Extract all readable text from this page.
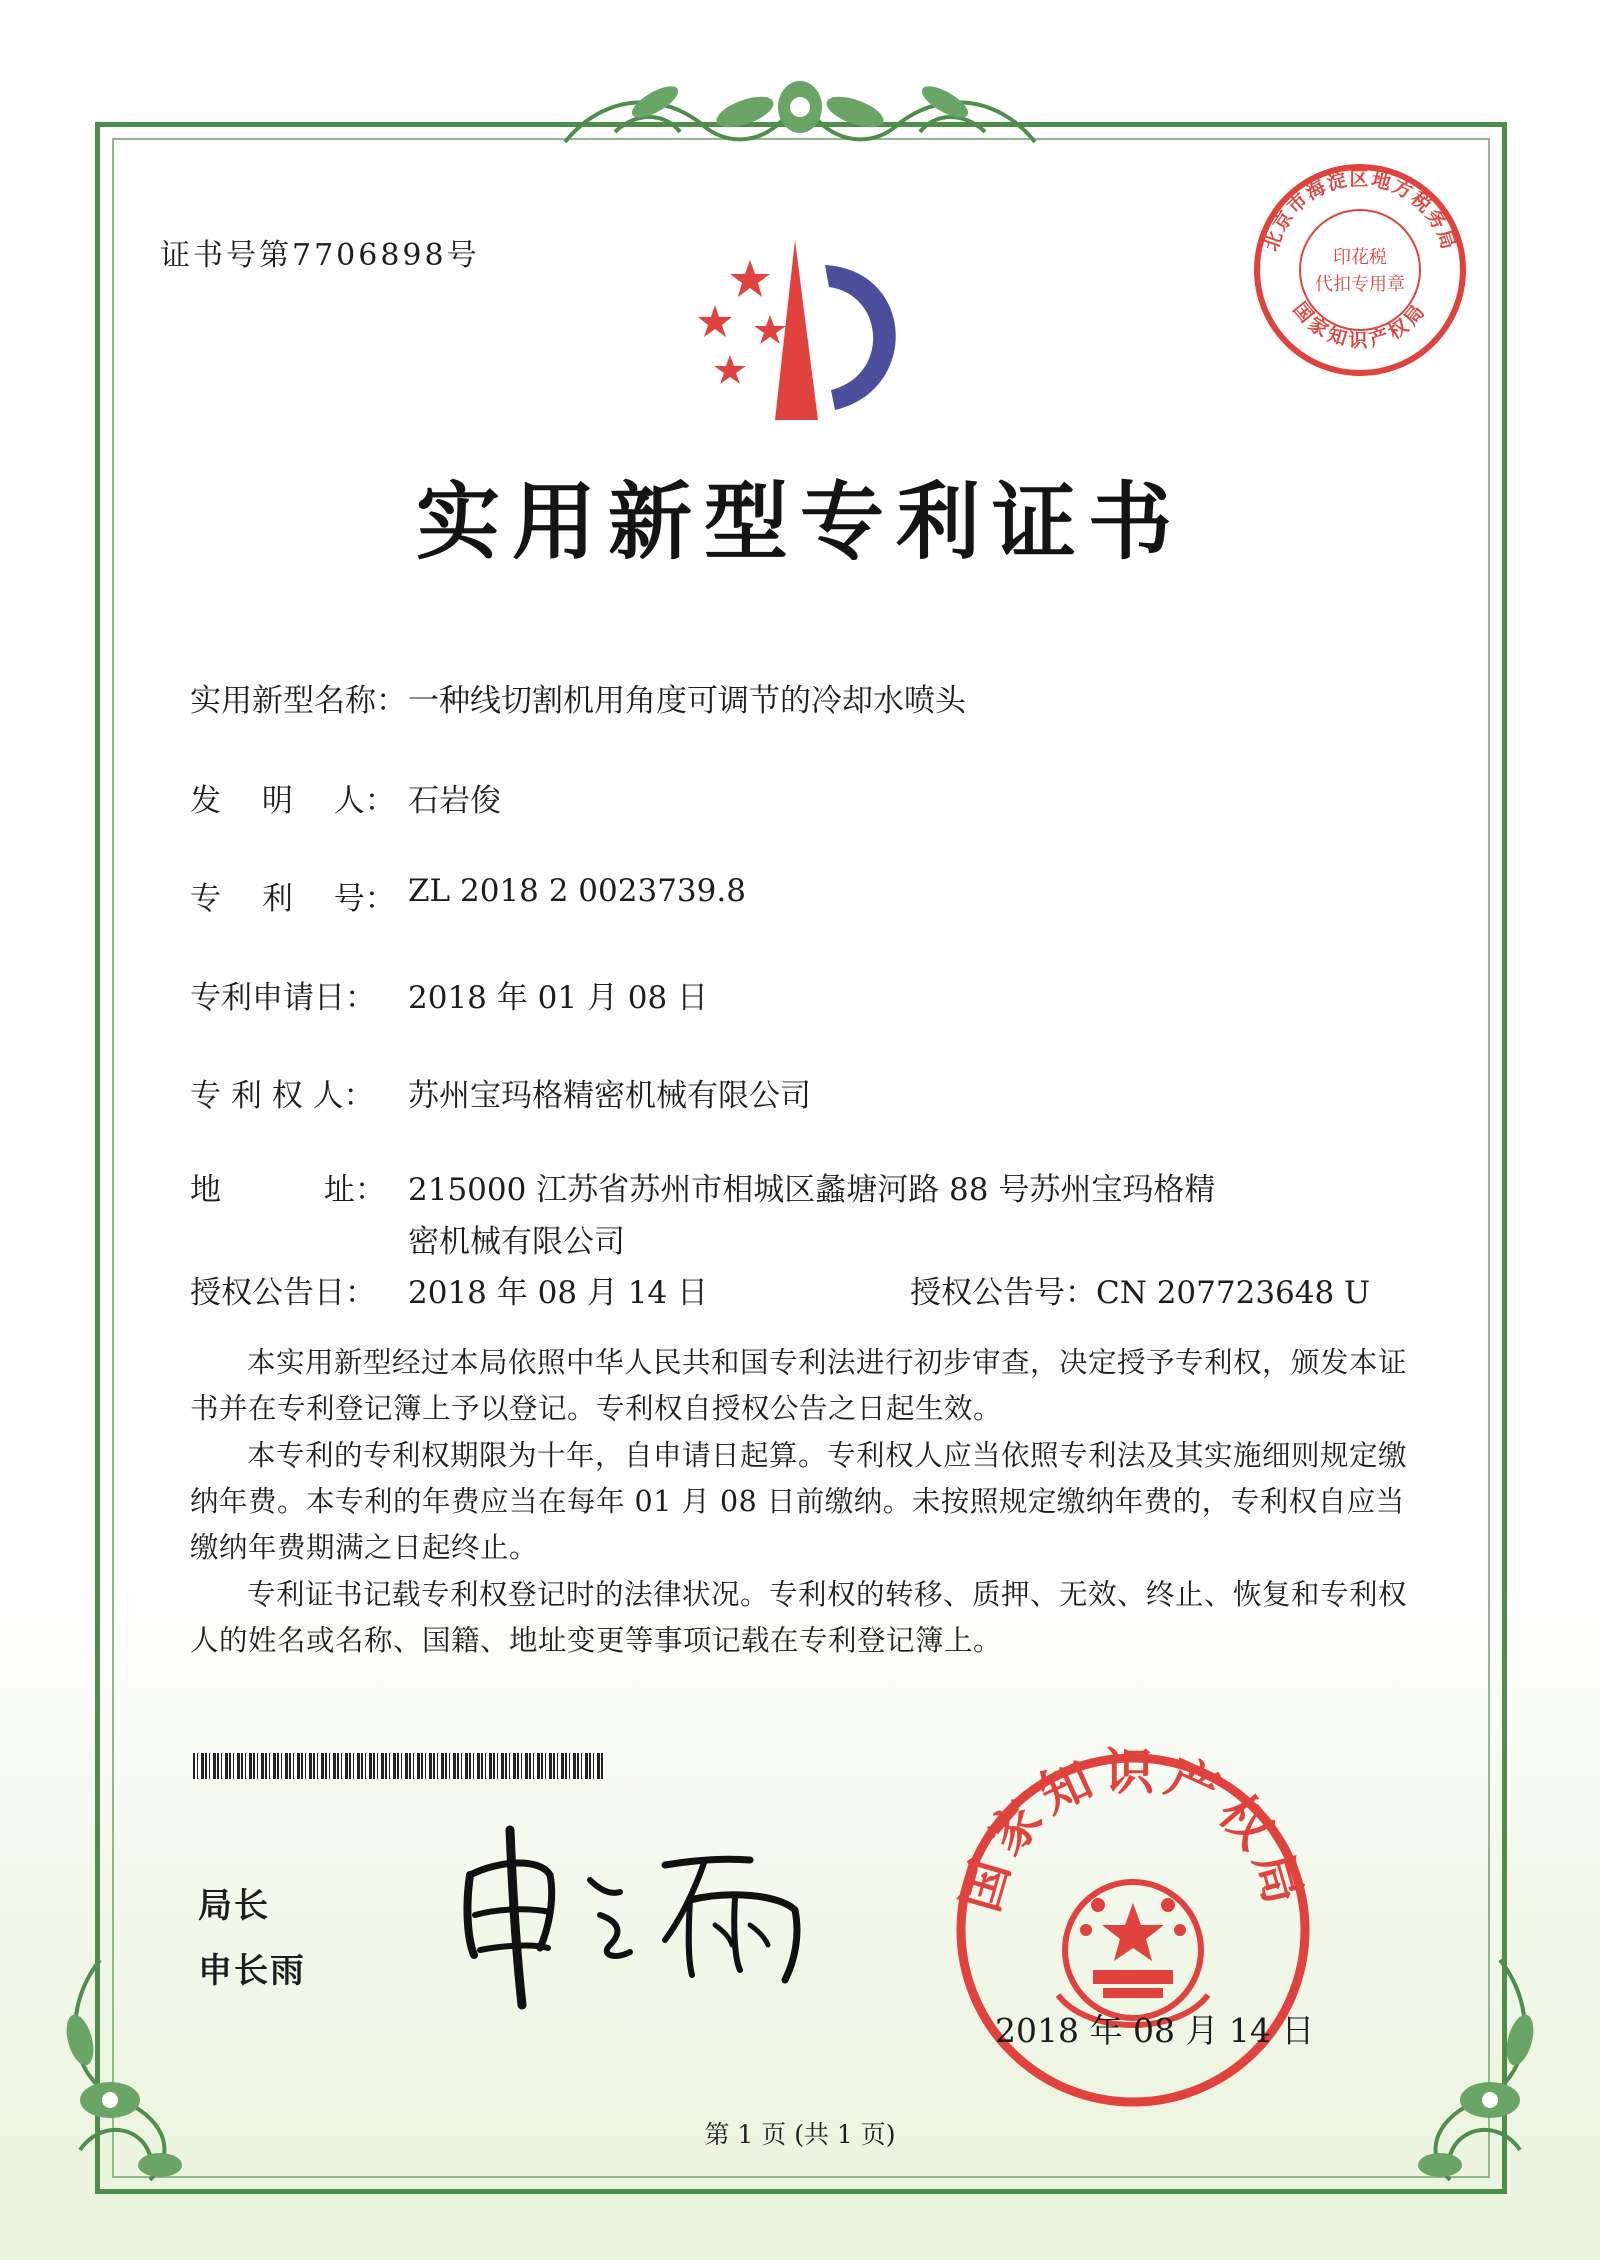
证书号第7706898号	北京市海淀区地方税务局
国家知识产权局
印花税
代扣专用章
实用新型专利证书
实用新型名称：一种线切割机用角度可调节的冷却水喷头
发　 明　 人： 石岩俊
专　 利　 号： ZL 2018 2 0023739.8
专利申请日： 2018 年 01 月 08 日
专 利 权 人： 苏州宝玛格精密机械有限公司
地　　　 址： 215000 江苏省苏州市相城区蠡塘河路 88 号苏州宝玛格精密机械有限公司
授权公告日： 2018 年 08 月 14 日	授权公告号：CN 207723648 U
本实用新型经过本局依照中华人民共和国专利法进行初步审查，决定授予专利权，颁发本证书并在专利登记簿上予以登记。专利权自授权公告之日起生效。
本专利的专利权期限为十年，自申请日起算。专利权人应当依照专利法及其实施细则规定缴纳年费。本专利的年费应当在每年 01 月 08 日前缴纳。未按照规定缴纳年费的，专利权自应当缴纳年费期满之日起终止。
专利证书记载专利权登记时的法律状况。专利权的转移、质押、无效、终止、恢复和专利权人的姓名或名称、国籍、地址变更等事项记载在专利登记簿上。
局长
申长雨
国家知识产权局
2018 年 08 月 14 日
第 1 页 (共 1 页)
